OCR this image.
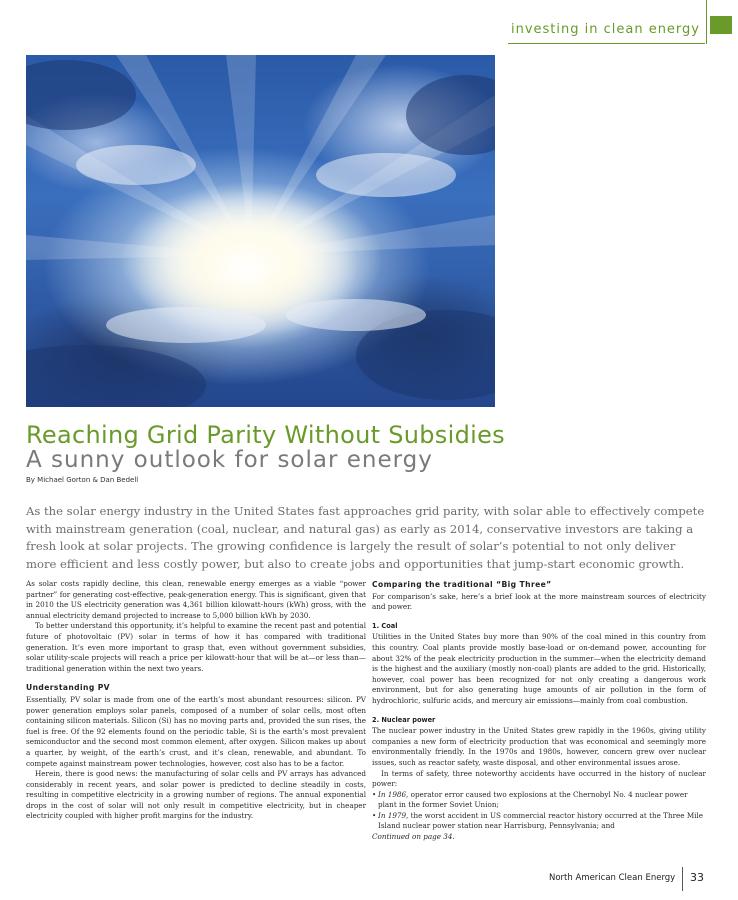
investing in clean energy
Reaching Grid Parity Without Subsidies
A sunny outlook for solar energy
By Michael Gorton & Dan Bedell
As the solar energy industry in the United States fast approaches grid parity, with solar able to effectively compete with mainstream generation (coal, nuclear, and natural gas) as early as 2014, conservative investors are taking a fresh look at solar projects. The growing confidence is largely the result of solar’s potential to not only deliver more efficient and less costly power, but also to create jobs and opportunities that jump-start economic growth.

As solar costs rapidly decline, this clean, renewable energy emerges as a viable “power partner” for generating cost-effective, peak-generation energy. This is significant, given that in 2010 the US electricity generation was 4,361 billion kilowatt-hours (kWh) gross, with the annual electricity demand projected to increase to 5,000 billion kWh by 2030.

To better understand this opportunity, it’s helpful to examine the recent past and potential future of photovoltaic (PV) solar in terms of how it has compared with traditional generation. It’s even more important to grasp that, even without government subsidies, solar utility-scale projects will reach a price per kilowatt-hour that will be at—or less than—traditional generation within the next two years.

Understanding PV

Essentially, PV solar is made from one of the earth’s most abundant resources: silicon. PV power generation employs solar panels, composed of a number of solar cells, most often containing silicon materials. Silicon (Si) has no moving parts and, provided the sun rises, the fuel is free. Of the 92 elements found on the periodic table, Si is the earth’s most prevalent semiconductor and the second most common element, after oxygen. Silicon makes up about a quarter, by weight, of the earth’s crust, and it’s clean, renewable, and abundant. To compete against mainstream power technologies, however, cost also has to be a factor.

Herein, there is good news: the manufacturing of solar cells and PV arrays has advanced considerably in recent years, and solar power is predicted to decline steadily in costs, resulting in competitive electricity in a growing number of regions. The annual exponential drops in the cost of solar will not only result in competitive electricity, but in cheaper electricity coupled with higher profit margins for the industry.

Comparing the traditional “Big Three”

For comparison’s sake, here’s a brief look at the more mainstream sources of electricity and power.

1. Coal

Utilities in the United States buy more than 90% of the coal mined in this country from this country. Coal plants provide mostly base-load or on-demand power, accounting for about 32% of the peak electricity production in the summer—when the electricity demand is the highest and the auxiliary (mostly non-coal) plants are added to the grid. Historically, however, coal power has been recognized for not only creating a dangerous work environment, but for also generating huge amounts of air pollution in the form of hydrochloric, sulfuric acids, and mercury air emissions—mainly from coal combustion.

2. Nuclear power

The nuclear power industry in the United States grew rapidly in the 1960s, giving utility companies a new form of electricity production that was economical and seemingly more environmentally friendly. In the 1970s and 1980s, however, concern grew over nuclear issues, such as reactor safety, waste disposal, and other environmental issues arose.

In terms of safety, three noteworthy accidents have occurred in the history of nuclear power:

• In 1986, operator error caused two explosions at the Chernobyl No. 4 nuclear power plant in the former Soviet Union;
• In 1979, the worst accident in US commercial reactor history occurred at the Three Mile Island nuclear power station near Harrisburg, Pennsylvania; and

Continued on page 34.

North American Clean Energy 33
